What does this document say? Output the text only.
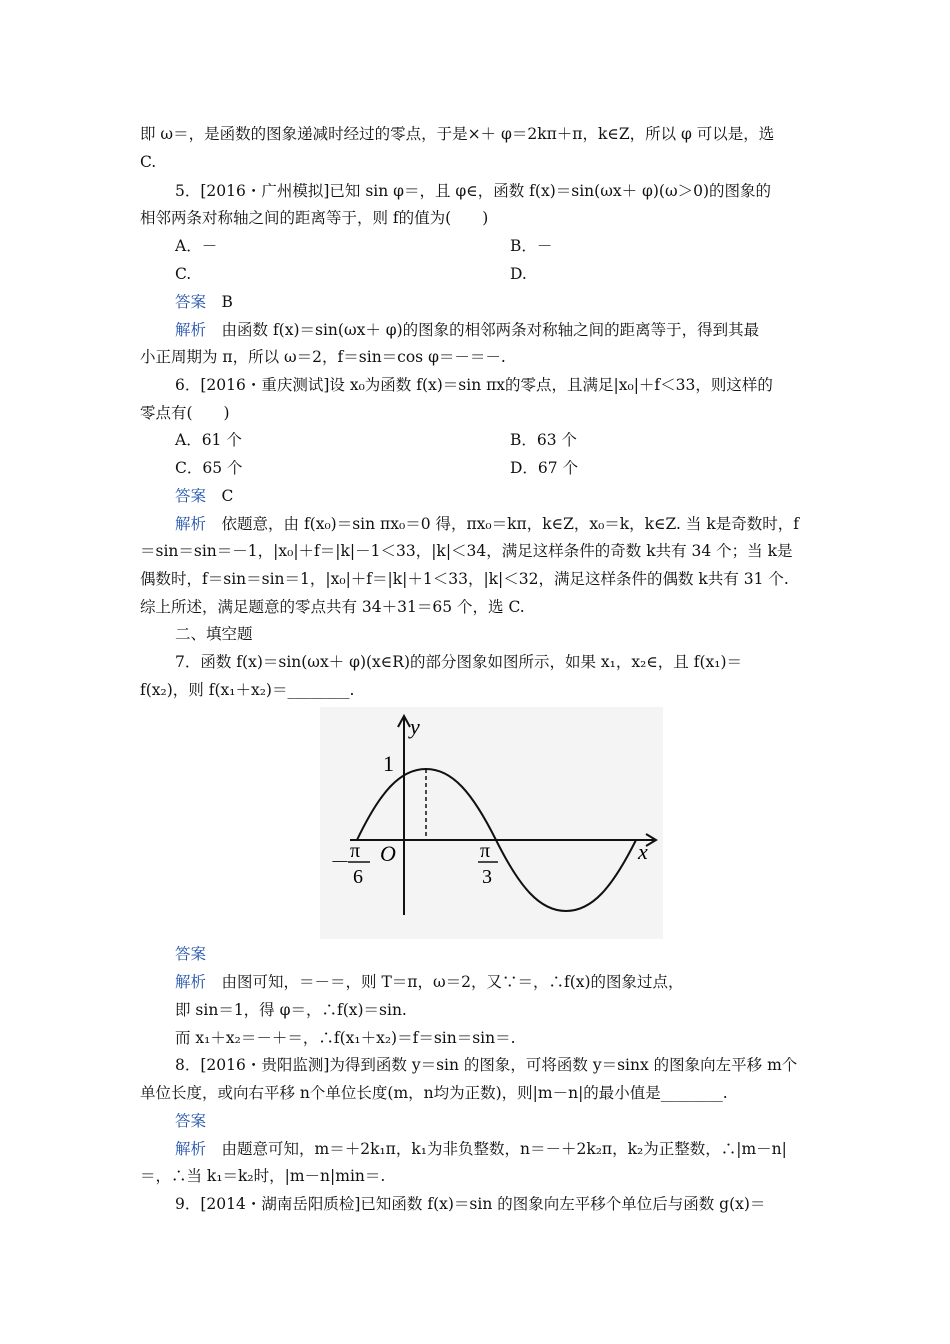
即 ω＝，是函数的图象递减时经过的零点，于是×＋ φ＝2kπ＋π，k∈Z，所以 φ 可以是，选
C.
5．[2016・广州模拟]已知 sin φ＝，且 φ∈，函数 f(x)＝sin(ωx＋ φ)(ω＞0)的图象的
相邻两条对称轴之间的距离等于，则 f的值为(　　)
A．－	B．－
C.	D.
答案　B
解析　由函数 f(x)＝sin(ωx＋ φ)的图象的相邻两条对称轴之间的距离等于，得到其最
小正周期为 π，所以 ω＝2，f＝sin＝cos φ＝－＝－.
6．[2016・重庆测试]设 x₀为函数 f(x)＝sin πx的零点，且满足|x₀|＋f＜33，则这样的
零点有(　　)
A．61 个	B．63 个
C．65 个	D．67 个
答案　C
解析　依题意，由 f(x₀)＝sin πx₀＝0 得，πx₀＝kπ，k∈Z，x₀＝k，k∈Z. 当 k是奇数时，f
＝sin＝sin＝－1，|x₀|＋f＝|k|－1＜33，|k|＜34，满足这样条件的奇数 k共有 34 个；当 k是
偶数时，f＝sin＝sin＝1，|x₀|＋f＝|k|＋1＜33，|k|＜32，满足这样条件的偶数 k共有 31 个.
综上所述，满足题意的零点共有 34＋31＝65 个，选 C.
二、填空题
7．函数 f(x)＝sin(ωx＋ φ)(x∈R)的部分图象如图所示，如果 x₁，x₂∈，且 f(x₁)＝
f(x₂)，则 f(x₁＋x₂)＝________.
答案
解析　由图可知，＝－＝，则 T＝π，ω＝2，又∵＝，∴f(x)的图象过点，
即 sin＝1，得 φ＝，∴f(x)＝sin.
而 x₁＋x₂＝－＋＝，∴f(x₁＋x₂)＝f＝sin＝sin＝.
8．[2016・贵阳监测]为得到函数 y＝sin 的图象，可将函数 y＝sinx 的图象向左平移 m个
单位长度，或向右平移 n个单位长度(m，n均为正数)，则|m－n|的最小值是________.
答案
解析　由题意可知，m＝＋2k₁π，k₁为非负整数，n＝－＋2k₂π，k₂为正整数，∴|m－n|
＝，∴当 k₁＝k₂时，|m－n|min＝.
9．[2014・湖南岳阳质检]已知函数 f(x)＝sin 的图象向左平移个单位后与函数 g(x)＝
y
x
1
O
－
π
6
π
3
